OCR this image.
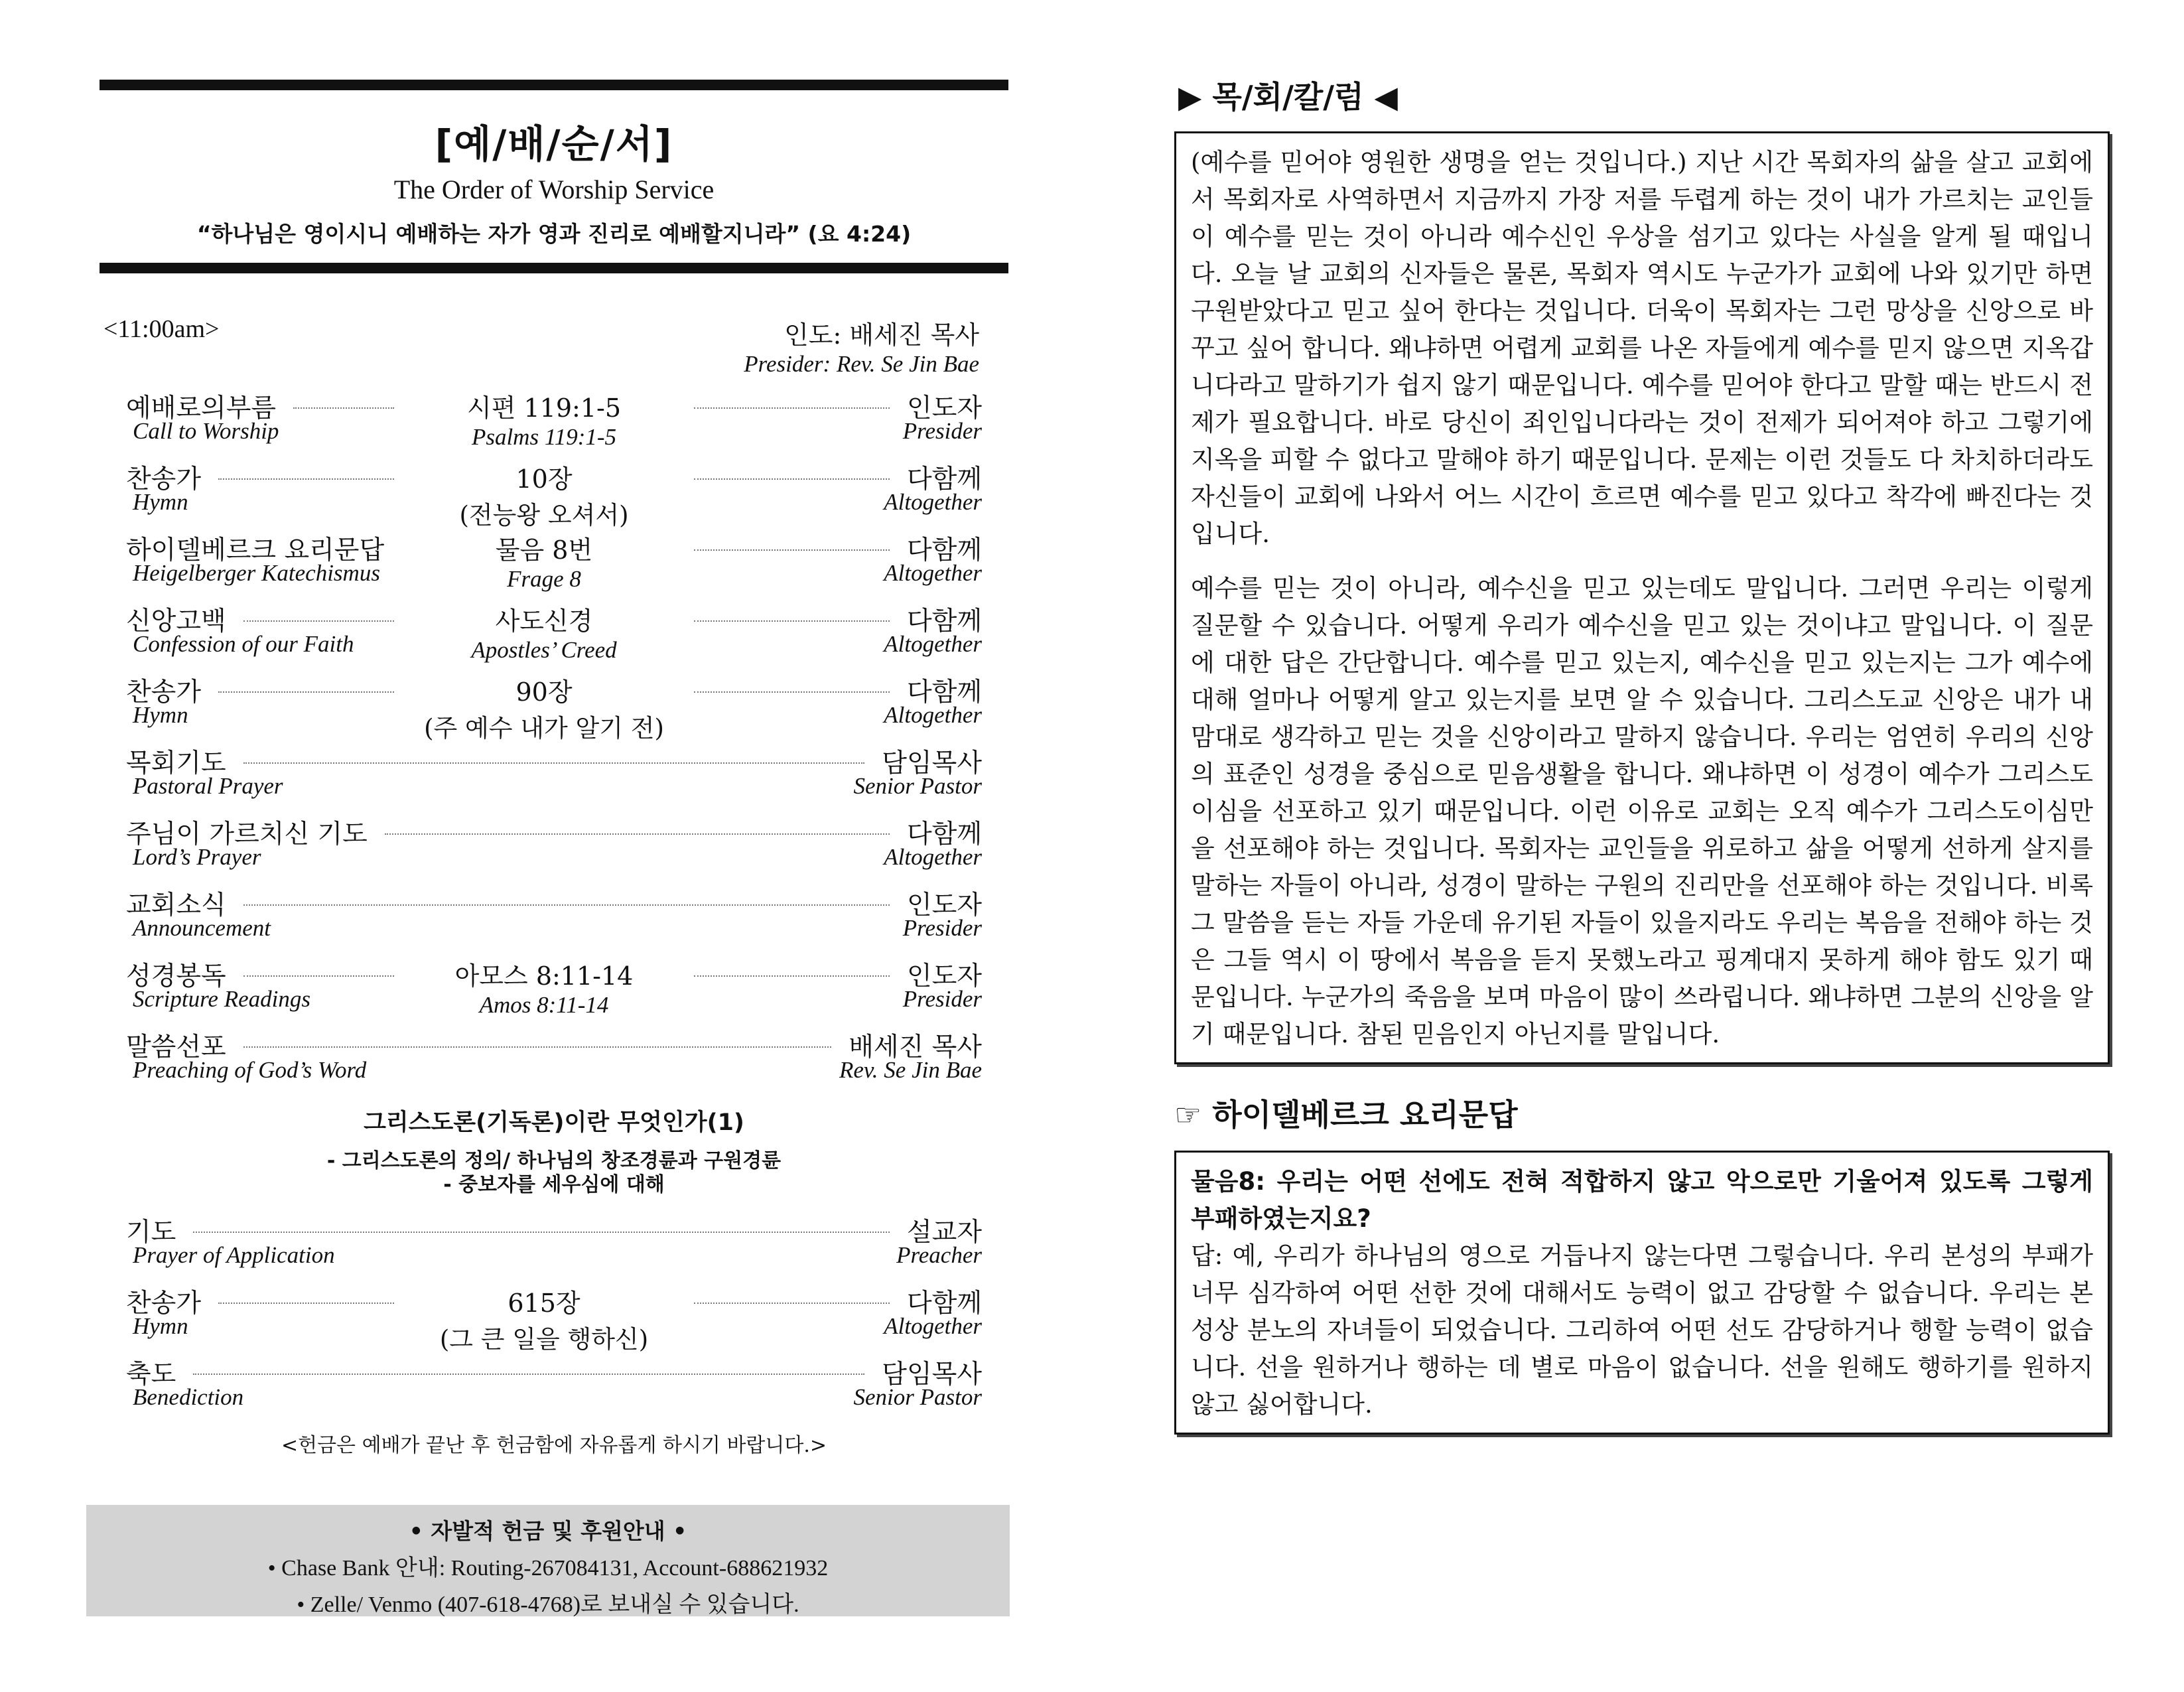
[예/배/순/서]
The Order of Worship Service
“하나님은 영이시니 예배하는 자가 영과 진리로 예배할지니라” (요 4:24)
<11:00am>	인도: 배세진 목사
Presider: Rev. Se Jin Bae
예배로의부름
Call to Worship
시편 119:1-5
Psalms 119:1-5
인도자
Presider
찬송가
Hymn
10장
(전능왕 오셔서)
다함께
Altogether
하이델베르크 요리문답
Heigelberger Katechismus
물음 8번
Frage 8
다함께
Altogether
신앙고백
Confession of our Faith
사도신경
Apostles’ Creed
다함께
Altogether
찬송가
Hymn
90장
(주 예수 내가 알기 전)
다함께
Altogether
목회기도
Pastoral Prayer
담임목사
Senior Pastor
주님이 가르치신 기도
Lord’s Prayer
다함께
Altogether
교회소식
Announcement
인도자
Presider
성경봉독
Scripture Readings
아모스 8:11-14
Amos 8:11-14
인도자
Presider
말씀선포
Preaching of God’s Word
배세진 목사
Rev. Se Jin Bae
그리스도론(기독론)이란 무엇인가(1)
- 그리스도론의 정의/ 하나님의 창조경륜과 구원경륜
- 중보자를 세우심에 대해
기도
Prayer of Application
설교자
Preacher
찬송가
Hymn
615장
(그 큰 일을 행하신)
다함께
Altogether
축도
Benediction
담임목사
Senior Pastor
<헌금은 예배가 끝난 후 헌금함에 자유롭게 하시기 바랍니다.>
• 자발적 헌금 및 후원안내 •
• Chase Bank 안내: Routing-267084131, Account-688621932
• Zelle/ Venmo (407-618-4768)로 보내실 수 있습니다.
▶ 목/회/칼/럼 ◀

(예수를 믿어야 영원한 생명을 얻는 것입니다.) 지난 시간 목회자의 삶을 살고 교회에서 목회자로 사역하면서 지금까지 가장 저를 두렵게 하는 것이 내가 가르치는 교인들이 예수를 믿는 것이 아니라 예수신인 우상을 섬기고 있다는 사실을 알게 될 때입니다. 오늘 날 교회의 신자들은 물론, 목회자 역시도 누군가가 교회에 나와 있기만 하면 구원받았다고 믿고 싶어 한다는 것입니다. 더욱이 목회자는 그런 망상을 신앙으로 바꾸고 싶어 합니다. 왜냐하면 어렵게 교회를 나온 자들에게 예수를 믿지 않으면 지옥갑니다라고 말하기가 쉽지 않기 때문입니다. 예수를 믿어야 한다고 말할 때는 반드시 전제가 필요합니다. 바로 당신이 죄인입니다라는 것이 전제가 되어져야 하고 그렇기에 지옥을 피할 수 없다고 말해야 하기 때문입니다. 문제는 이런 것들도 다 차치하더라도 자신들이 교회에 나와서 어느 시간이 흐르면 예수를 믿고 있다고 착각에 빠진다는 것입니다.

예수를 믿는 것이 아니라, 예수신을 믿고 있는데도 말입니다. 그러면 우리는 이렇게 질문할 수 있습니다. 어떻게 우리가 예수신을 믿고 있는 것이냐고 말입니다. 이 질문에 대한 답은 간단합니다. 예수를 믿고 있는지, 예수신을 믿고 있는지는 그가 예수에 대해 얼마나 어떻게 알고 있는지를 보면 알 수 있습니다. 그리스도교 신앙은 내가 내 맘대로 생각하고 믿는 것을 신앙이라고 말하지 않습니다. 우리는 엄연히 우리의 신앙의 표준인 성경을 중심으로 믿음생활을 합니다. 왜냐하면 이 성경이 예수가 그리스도이심을 선포하고 있기 때문입니다. 이런 이유로 교회는 오직 예수가 그리스도이심만을 선포해야 하는 것입니다. 목회자는 교인들을 위로하고 삶을 어떻게 선하게 살지를 말하는 자들이 아니라, 성경이 말하는 구원의 진리만을 선포해야 하는 것입니다. 비록 그 말씀을 듣는 자들 가운데 유기된 자들이 있을지라도 우리는 복음을 전해야 하는 것은 그들 역시 이 땅에서 복음을 듣지 못했노라고 핑계대지 못하게 해야 함도 있기 때문입니다. 누군가의 죽음을 보며 마음이 많이 쓰라립니다. 왜냐하면 그분의 신앙을 알기 때문입니다. 참된 믿음인지 아닌지를 말입니다.

☞ 하이델베르크 요리문답
물음8: 우리는 어떤 선에도 전혀 적합하지 않고 악으로만 기울어져 있도록 그렇게 부패하였는지요?

답: 예, 우리가 하나님의 영으로 거듭나지 않는다면 그렇습니다. 우리 본성의 부패가 너무 심각하여 어떤 선한 것에 대해서도 능력이 없고 감당할 수 없습니다. 우리는 본성상 분노의 자녀들이 되었습니다. 그리하여 어떤 선도 감당하거나 행할 능력이 없습니다. 선을 원하거나 행하는 데 별로 마음이 없습니다. 선을 원해도 행하기를 원하지 않고 싫어합니다.
